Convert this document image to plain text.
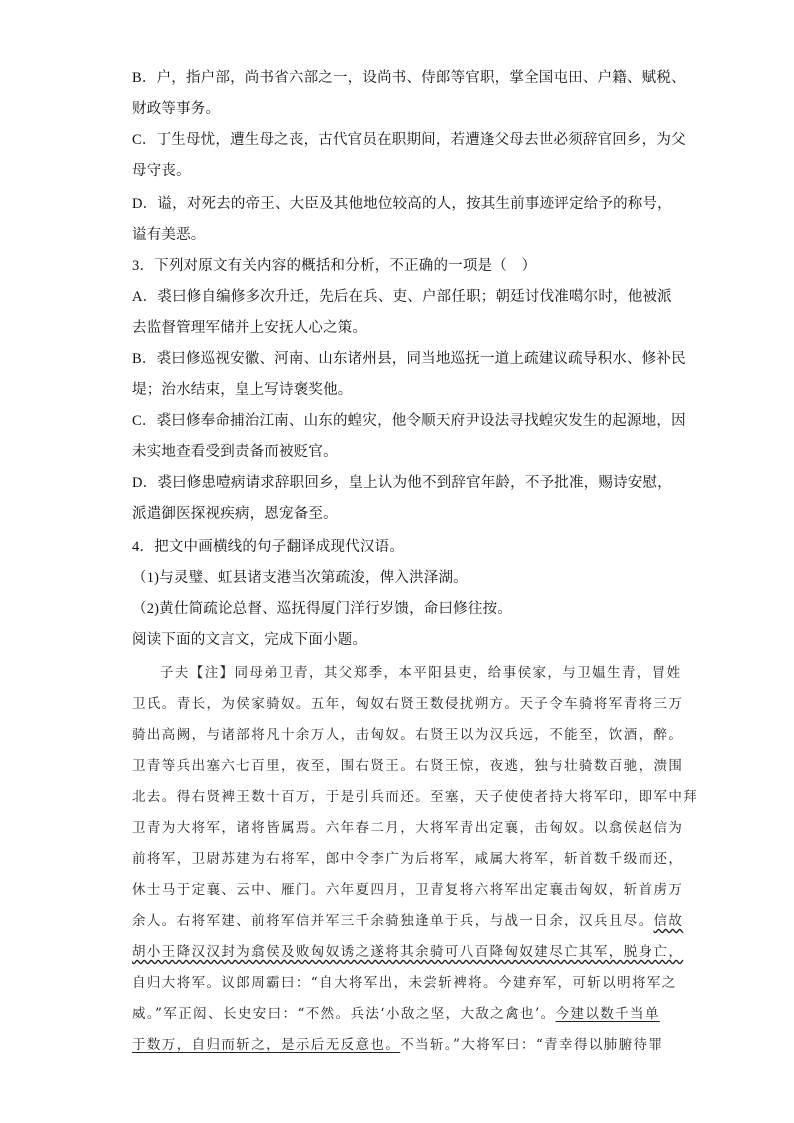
B．户，指户部，尚书省六部之一，设尚书、侍郎等官职，掌全国屯田、户籍、赋税、
财政等事务。
C．丁生母忧，遭生母之丧，古代官员在职期间，若遭逢父母去世必须辞官回乡，为父
母守丧。
D．谥，对死去的帝王、大臣及其他地位较高的人，按其生前事迹评定给予的称号，
谥有美恶。
3．下列对原文有关内容的概括和分析，不正确的一项是（　）
A．裘曰修自编修多次升迁，先后在兵、吏、户部任职；朝廷讨伐准噶尔时，他被派
去监督管理军储并上安抚人心之策。
B．裘曰修巡视安徽、河南、山东诸州县，同当地巡抚一道上疏建议疏导积水、修补民
堤；治水结束，皇上写诗褒奖他。
C．裘曰修奉命捕治江南、山东的蝗灾，他令顺天府尹设法寻找蝗灾发生的起源地，因
未实地查看受到责备而被贬官。
D．裘曰修患噎病请求辞职回乡，皇上认为他不到辞官年龄，不予批准，赐诗安慰，
派遣御医探视疾病，恩宠备至。
4．把文中画横线的句子翻译成现代汉语。
（1)与灵璧、虹县诸支港当次第疏浚，俾入洪泽湖。
（2)黄仕简疏论总督、巡抚得厦门洋行岁馈，命曰修往按。
阅读下面的文言文，完成下面小题。
子夫【注】同母弟卫青，其父郑季，本平阳县吏，给事侯家，与卫媪生青，冒姓
卫氏。青长，为侯家骑奴。五年，匈奴右贤王数侵扰朔方。天子令车骑将军青将三万
骑出高阙，与诸部将凡十余万人，击匈奴。右贤王以为汉兵远，不能至，饮酒，醉。
卫青等兵出塞六七百里，夜至，围右贤王。右贤王惊，夜逃，独与壮骑数百驰，溃围
北去。得右贤裨王数十百万，于是引兵而还。至塞，天子使使者持大将军印，即军中拜
卫青为大将军，诸将皆属焉。六年春二月，大将军青出定襄，击匈奴。以翕侯赵信为
前将军，卫尉苏建为右将军，郎中令李广为后将军，咸属大将军，斩首数千级而还，
休士马于定襄、云中、雁门。六年夏四月，卫青复将六将军出定襄击匈奴，斩首虏万
余人。右将军建、前将军信并军三千余骑独逢单于兵，与战一日余，汉兵且尽。信故
胡小王降汉汉封为翕侯及败匈奴诱之遂将其余骑可八百降匈奴建尽亡其军，脱身亡，
自归大将军。议郎周霸曰：“自大将军出，未尝斩裨将。今建弃军，可斩以明将军之
威。”军正闳、长史安曰：“不然。兵法‘小敌之坚，大敌之禽也’。今建以数千当单
于数万，自归而斩之，是示后无反意也。不当斩。”大将军曰：“青幸得以肺腑待罪
